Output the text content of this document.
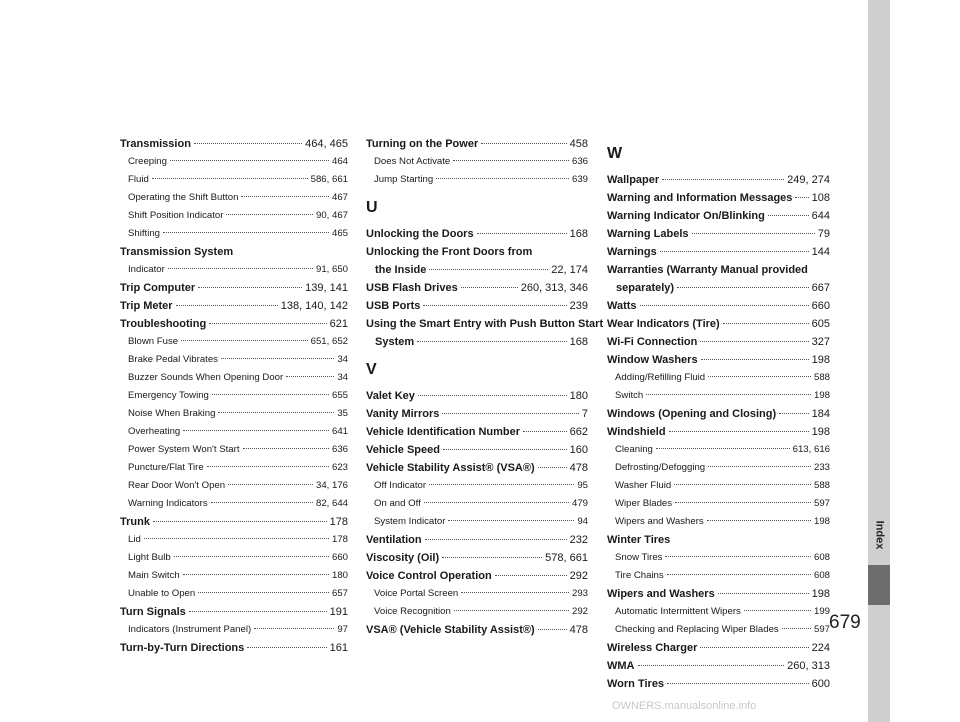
Transmission	464, 465
Creeping	464
Fluid	586, 661
Operating the Shift Button	467
Shift Position Indicator	90, 467
Shifting	465
Transmission System
Indicator	91, 650
Trip Computer	139, 141
Trip Meter	138, 140, 142
Troubleshooting	621
Blown Fuse	651, 652
Brake Pedal Vibrates	34
Buzzer Sounds When Opening Door	34
Emergency Towing	655
Noise When Braking	35
Overheating	641
Power System Won't Start	636
Puncture/Flat Tire	623
Rear Door Won't Open	34, 176
Warning Indicators	82, 644
Trunk	178
Lid	178
Light Bulb	660
Main Switch	180
Unable to Open	657
Turn Signals	191
Indicators (Instrument Panel)	97
Turn-by-Turn Directions	161
Turning on the Power	458
Does Not Activate	636
Jump Starting	639
U
Unlocking the Doors	168
Unlocking the Front Doors from
the Inside	22, 174
USB Flash Drives	260, 313, 346
USB Ports	239
Using the Smart Entry with Push Button Start
System	168
V
Valet Key	180
Vanity Mirrors	7
Vehicle Identification Number	662
Vehicle Speed	160
Vehicle Stability Assist® (VSA®)	478
Off Indicator	95
On and Off	479
System Indicator	94
Ventilation	232
Viscosity (Oil)	578, 661
Voice Control Operation	292
Voice Portal Screen	293
Voice Recognition	292
VSA® (Vehicle Stability Assist®)	478
W
Wallpaper	249, 274
Warning and Information Messages 108
Warning Indicator On/Blinking	644
Warning Labels	79
Warnings	144
Warranties (Warranty Manual provided
separately)	667
Watts	660
Wear Indicators (Tire)	605
Wi-Fi Connection	327
Window Washers	198
Adding/Refilling Fluid	588
Switch	198
Windows (Opening and Closing)	184
Windshield	198
Cleaning	613, 616
Defrosting/Defogging	233
Washer Fluid	588
Wiper Blades	597
Wipers and Washers	198
Winter Tires
Snow Tires	608
Tire Chains	608
Wipers and Washers	198
Automatic Intermittent Wipers	199
Checking and Replacing Wiper Blades	597
Wireless Charger	224
WMA	260, 313
Worn Tires	600
Index
679
OWNERS.manualsonline.info
